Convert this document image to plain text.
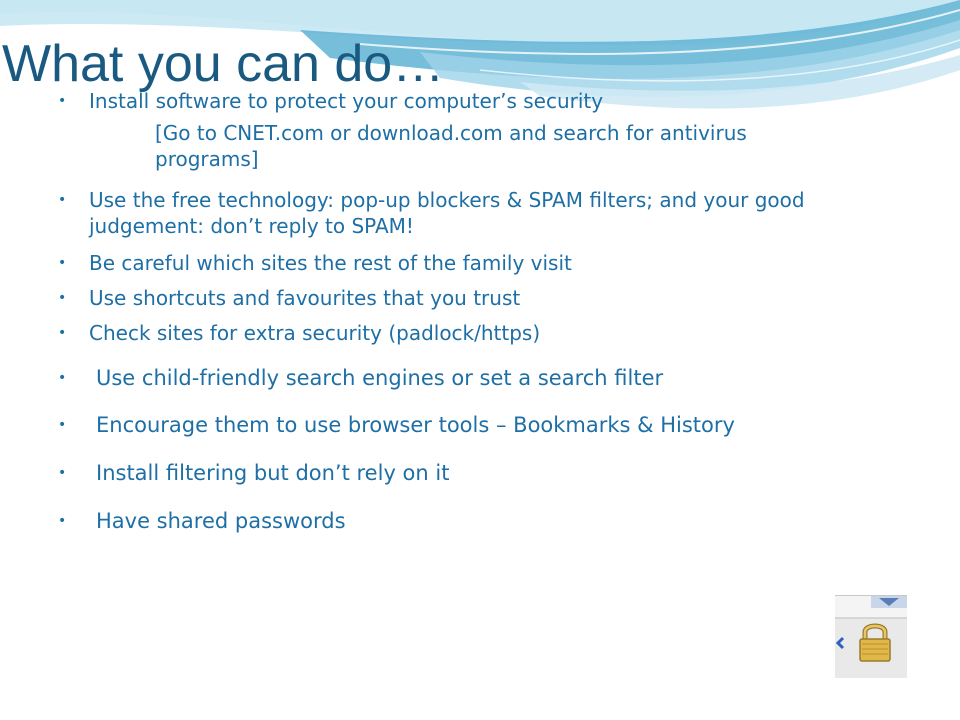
What you can do…
• Install software to protect your computer’s security
• Use the free technology: pop-up blockers & SPAM filters; and your good judgement: don’t reply to SPAM!
• Be careful which sites the rest of the family visit
• Use shortcuts and favourites that you trust
• Check sites for extra security (padlock/https)
• Use child-friendly search engines or set a search filter
• Encourage them to use browser tools – Bookmarks & History
• Install filtering but don’t rely on it
• Have shared passwords
[Go to CNET.com or download.com and search for antivirus programs]
